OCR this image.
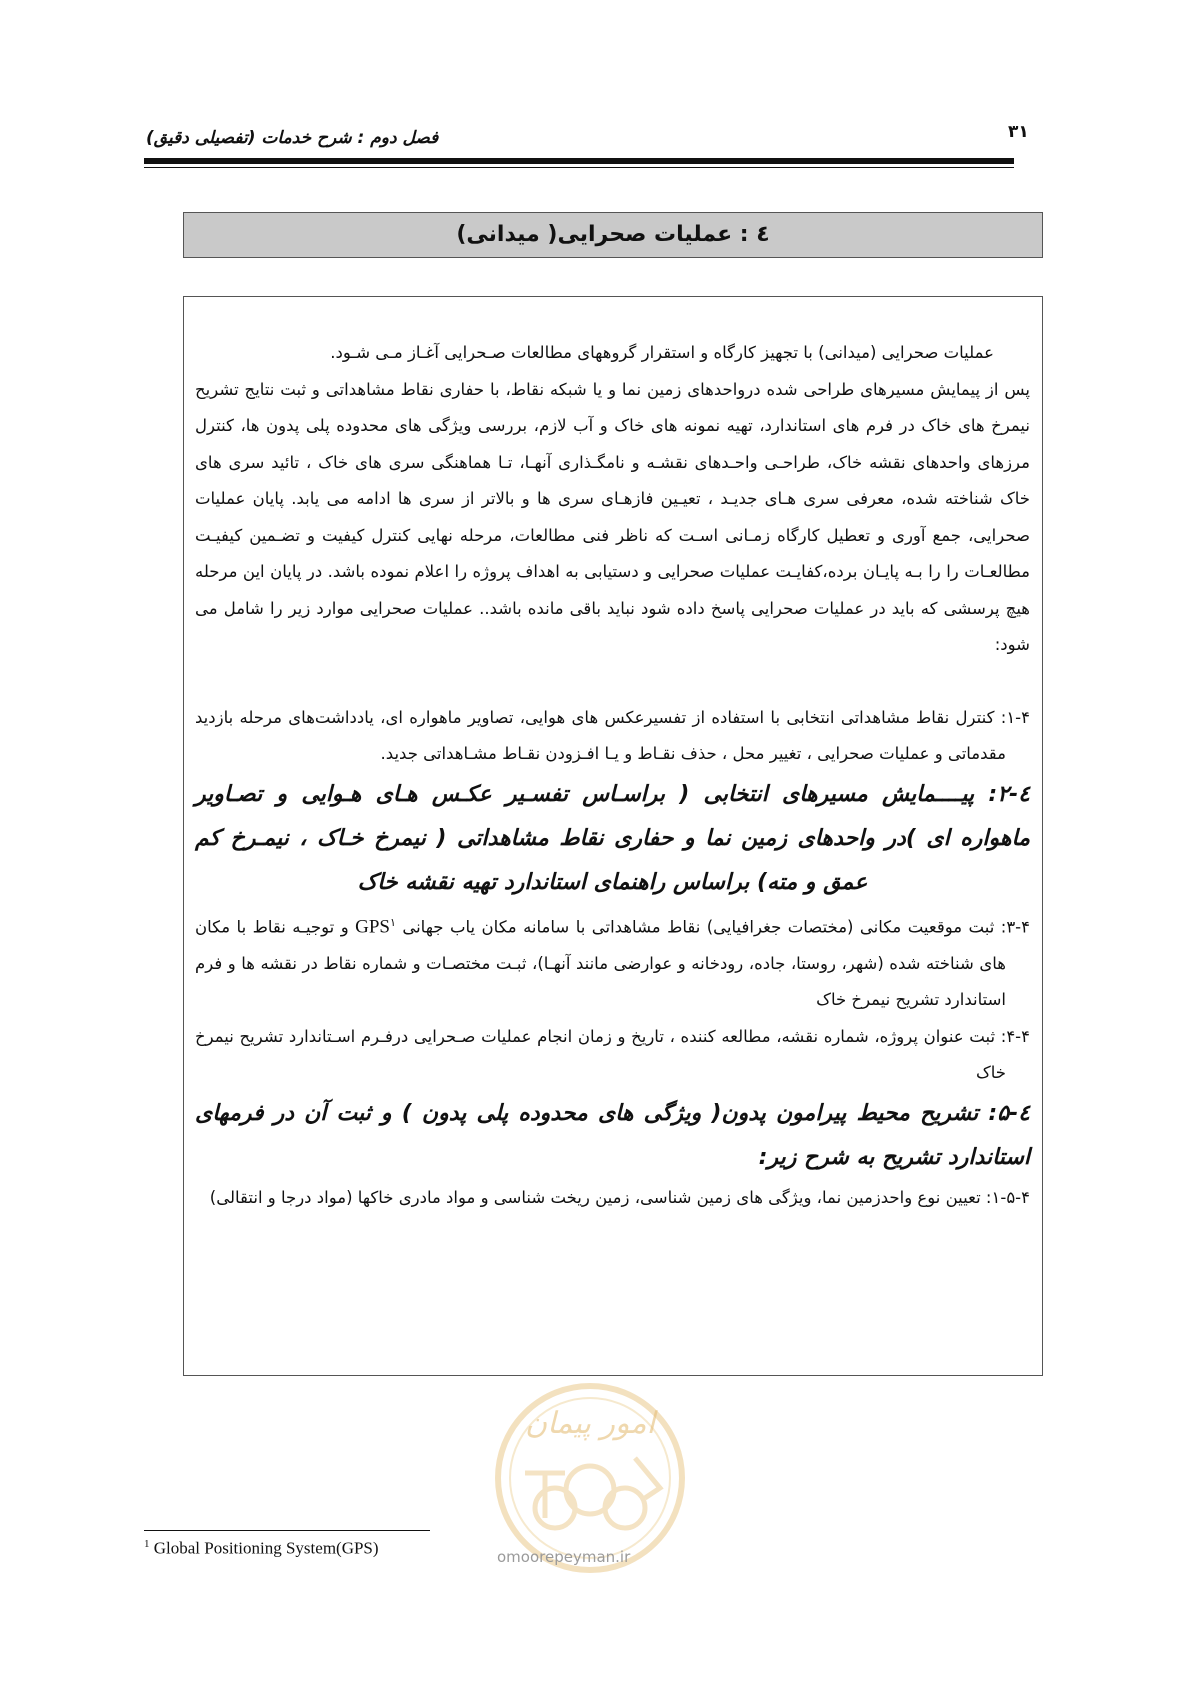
فصل دوم : شرح خدمات (تفصیلی دقیق)	۳۱
٤ : عملیات صحرایی( میدانی)

عملیات صحرایی (میدانی) با تجهیز کارگاه و استقرار گروههای مطالعات صـحرایی آغـاز مـی شـود.

پس از پیمایش مسیرهای طراحی شده درواحدهای زمین نما و یا شبکه نقاط، با حفاری نقاط مشاهداتی و ثبت نتایج تشریح نیمرخ های خاک در فرم های استاندارد، تهیه نمونه های خاک و آب لازم، بررسی ویژگی های محدوده پلی پدون ها، کنترل مرزهای واحدهای نقشه خاک، طراحـی واحـدهای نقشـه و نامگـذاری آنهـا، تـا هماهنگی سری های خاک ، تائید سری های خاک شناخته شده، معرفی سری هـای جدیـد ، تعیـین فازهـای سری ها و بالاتر از سری ها ادامه می یابد. پایان عملیات صحرایی، جمع آوری و تعطیل کارگاه زمـانی اسـت که ناظر فنی مطالعات، مرحله نهایی کنترل کیفیت و تضـمین کیفیـت مطالعـات را را بـه پایـان برده،کفایـت عملیات صحرایی و دستیابی به اهداف پروژه را اعلام نموده باشد. در پایان این مرحله هیچ پرسشی که باید در عملیات صحرایی پاسخ داده شود نباید باقی مانده باشد.. عملیات صحرایی موارد زیر را شامل می شود:

۱-۴: کنترل نقاط مشاهداتی انتخابی با استفاده از تفسیرعکس های هوایی، تصاویر ماهواره ای، یادداشت‌های مرحله بازدید مقدماتی و عملیات صحرایی ، تغییر محل ، حذف نقـاط و یـا افـزودن نقـاط مشـاهداتی جدید.

٤-۲: پیــــمایش مسیرهای انتخابی ( براسـاس تفسـیر عکـس هـای هـوایی و تصـاویر ماهواره ای )در واحدهای زمین نما و حفاری نقاط مشاهداتی ( نیمرخ خـاک ، نیمـرخ کم عمق و مته) براساس راهنمای استاندارد تهیه نقشه خاک

۳-۴: ثبت موقعیت مکانی (مختصات جغرافیایی) نقاط مشاهداتی با سامانه مکان یاب جهانی GPS$^۱$ و توجیـه نقاط با مکان های شناخته شده (شهر، روستا، جاده، رودخانه و عوارضی مانند آنهـا)، ثبـت مختصـات و شماره نقاط در نقشه ها و فرم استاندارد تشریح نیمرخ خاک

۴-۴: ثبت عنوان پروژه، شماره نقشه، مطالعه کننده ، تاریخ و زمان انجام عملیات صـحرایی درفـرم اسـتاندارد تشریح نیمرخ خاک

٤-۵: تشریح محیط پیرامون پدون( ویژگی های محدوده پلی پدون ) و ثبت آن در فرمهای استاندارد تشریح به شرح زیر:

۱-۵-۴: تعیین نوع واحدزمین نما، ویژگی های زمین شناسی، زمین ریخت شناسی و مواد مادری خاکها (مواد درجا و انتقالی)

امور پیمان
omoorepeyman.ir
$^1$ Global Positioning System(GPS)
